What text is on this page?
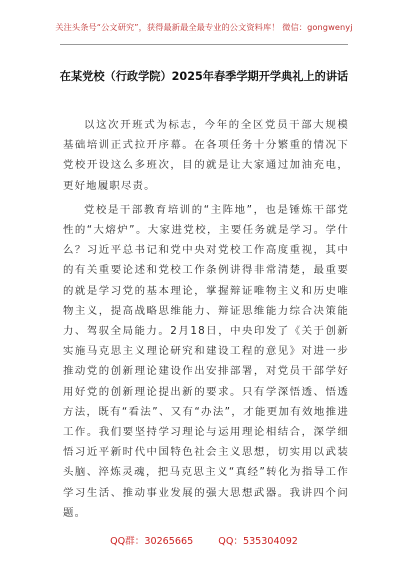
关注头条号“公文研究”，获得最新最全最专业的公文资料库！ 微信：gongwenyj
在某党校（行政学院）2025年春季学期开学典礼上的讲话

以这次开班式为标志，今年的全区党员干部大规模基础培训正式拉开序幕。在各项任务十分繁重的情况下党校开设这么多班次，目的就是让大家通过加油充电，更好地履职尽责。

党校是干部教育培训的“主阵地”，也是锤炼干部党性的“大熔炉”。大家进党校，主要任务就是学习。学什么？习近平总书记和党中央对党校工作高度重视，其中的有关重要论述和党校工作条例讲得非常清楚，最重要的就是学习党的基本理论，掌握辩证唯物主义和历史唯物主义，提高战略思维能力、辩证思维能力综合决策能力、驾驭全局能力。2月18日，中央印发了《关于创新实施马克思主义理论研究和建设工程的意见》对进一步推动党的创新理论建设作出安排部署，对党员干部学好用好党的创新理论提出新的要求。只有学深悟透、悟透方法，既有“看法”、又有“办法”，才能更加有效地推进工作。我们要坚持学习理论与运用理论相结合，深学细悟习近平新时代中国特色社会主义思想，切实用以武装头脑、淬炼灵魂，把马克思主义“真经”转化为指导工作学习生活、推动事业发展的强大思想武器。我讲四个问题。

QQ群：30265665	QQ：535304092
